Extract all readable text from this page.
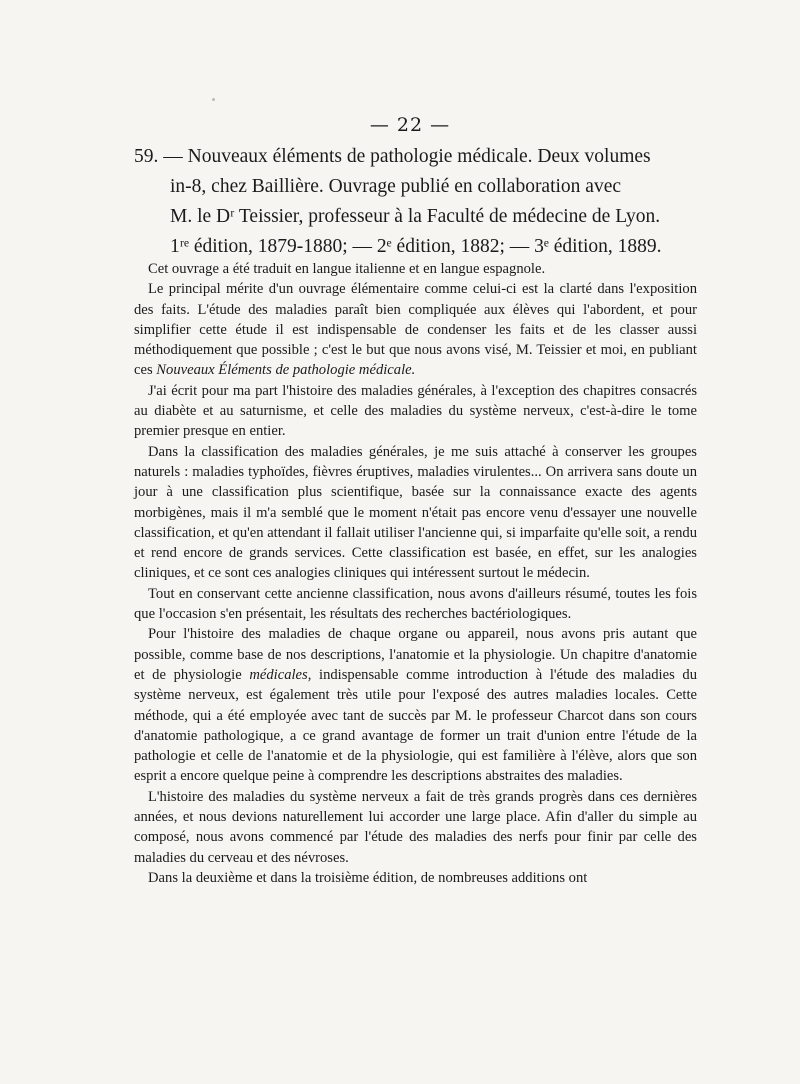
— 22 —
59. — Nouveaux éléments de pathologie médicale. Deux volumes
in-8, chez Baillière. Ouvrage publié en collaboration avec
M. le Dʳ Teissier, professeur à la Faculté de médecine de Lyon.
1ʳᵉ édition, 1879-1880; — 2ᵉ édition, 1882; — 3ᵉ édition, 1889.

Cet ouvrage a été traduit en langue italienne et en langue espagnole.

Le principal mérite d'un ouvrage élémentaire comme celui-ci est la clarté dans l'exposition des faits. L'étude des maladies paraît bien compliquée aux élèves qui l'abordent, et pour simplifier cette étude il est indispensable de condenser les faits et de les classer aussi méthodiquement que possible ; c'est le but que nous avons visé, M. Teissier et moi, en publiant ces Nouveaux Éléments de pathologie médicale.

J'ai écrit pour ma part l'histoire des maladies générales, à l'exception des chapitres consacrés au diabète et au saturnisme, et celle des maladies du système nerveux, c'est-à-dire le tome premier presque en entier.

Dans la classification des maladies générales, je me suis attaché à conserver les groupes naturels : maladies typhoïdes, fièvres éruptives, maladies virulentes... On arrivera sans doute un jour à une classification plus scientifique, basée sur la connaissance exacte des agents morbigènes, mais il m'a semblé que le moment n'était pas encore venu d'essayer une nouvelle classification, et qu'en attendant il fallait utiliser l'ancienne qui, si imparfaite qu'elle soit, a rendu et rend encore de grands services. Cette classification est basée, en effet, sur les analogies cliniques, et ce sont ces analogies cliniques qui intéressent surtout le médecin.

Tout en conservant cette ancienne classification, nous avons d'ailleurs résumé, toutes les fois que l'occasion s'en présentait, les résultats des recherches bactériologiques.

Pour l'histoire des maladies de chaque organe ou appareil, nous avons pris autant que possible, comme base de nos descriptions, l'anatomie et la physiologie. Un chapitre d'anatomie et de physiologie médicales, indispensable comme introduction à l'étude des maladies du système nerveux, est également très utile pour l'exposé des autres maladies locales. Cette méthode, qui a été employée avec tant de succès par M. le professeur Charcot dans son cours d'anatomie pathologique, a ce grand avantage de former un trait d'union entre l'étude de la pathologie et celle de l'anatomie et de la physiologie, qui est familière à l'élève, alors que son esprit a encore quelque peine à comprendre les descriptions abstraites des maladies.

L'histoire des maladies du système nerveux a fait de très grands progrès dans ces dernières années, et nous devions naturellement lui accorder une large place. Afin d'aller du simple au composé, nous avons commencé par l'étude des maladies des nerfs pour finir par celle des maladies du cerveau et des névroses.

Dans la deuxième et dans la troisième édition, de nombreuses additions ont
